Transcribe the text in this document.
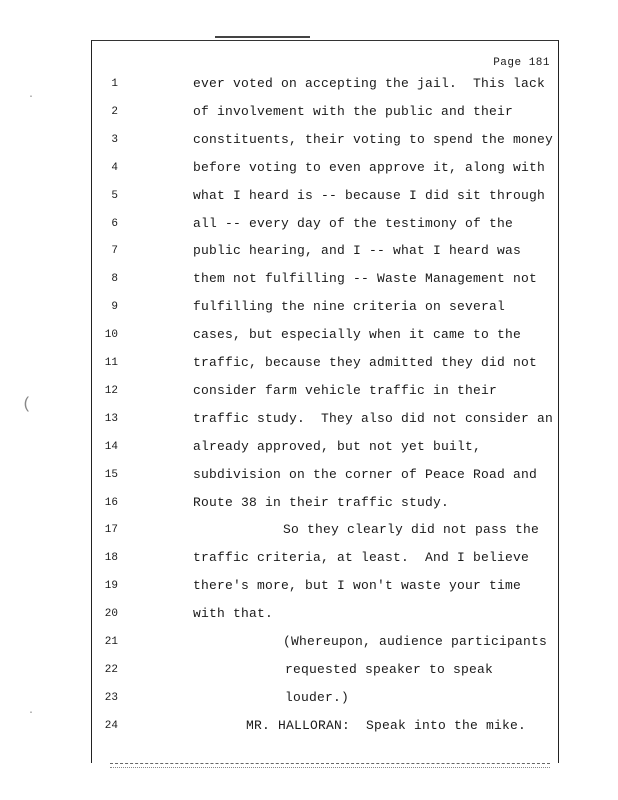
·
(
·
Page 181
1	ever voted on accepting the jail.  This lack
2	of involvement with the public and their
3	constituents, their voting to spend the money
4	before voting to even approve it, along with
5	what I heard is -- because I did sit through
6	all -- every day of the testimony of the
7	public hearing, and I -- what I heard was
8	them not fulfilling -- Waste Management not
9	fulfilling the nine criteria on several
10	cases, but especially when it came to the
11	traffic, because they admitted they did not
12	consider farm vehicle traffic in their
13	traffic study.  They also did not consider an
14	already approved, but not yet built,
15	subdivision on the corner of Peace Road and
16	Route 38 in their traffic study.
17	So they clearly did not pass the
18	traffic criteria, at least.  And I believe
19	there's more, but I won't waste your time
20	with that.
21	(Whereupon, audience participants
22	requested speaker to speak
23	louder.)
24	MR. HALLORAN:  Speak into the mike.
